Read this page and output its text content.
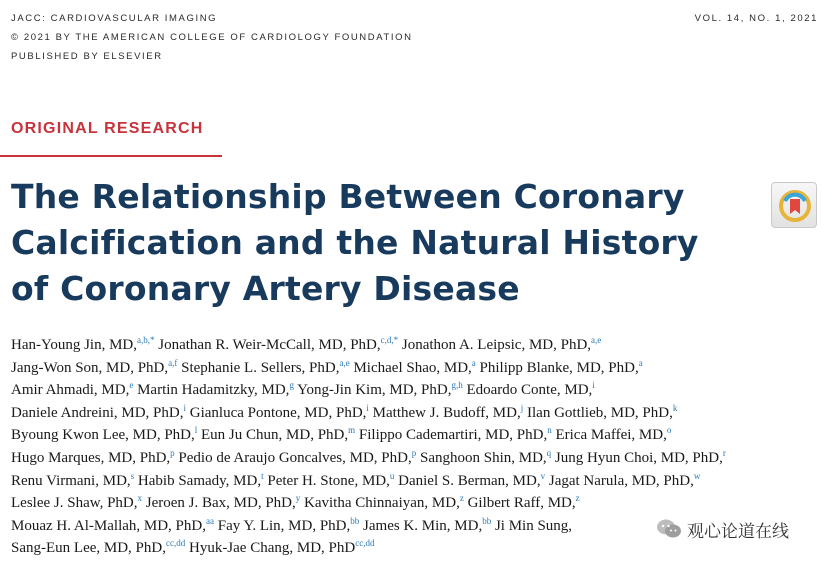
JACC: CARDIOVASCULAR IMAGING
© 2021 BY THE AMERICAN COLLEGE OF CARDIOLOGY FOUNDATION
PUBLISHED BY ELSEVIER
VOL. 14, NO. 1, 2021
ORIGINAL RESEARCH
The Relationship Between Coronary Calcification and the Natural History of Coronary Artery Disease
Han-Young Jin, MD,$^{a,b,*}$ Jonathan R. Weir-McCall, MD, PhD,$^{c,d,*}$ Jonathon A. Leipsic, MD, PhD,$^{a,e}$
Jang-Won Son, MD, PhD,$^{a,f}$ Stephanie L. Sellers, PhD,$^{a,e}$ Michael Shao, MD,$^a$ Philipp Blanke, MD, PhD,$^a$
Amir Ahmadi, MD,$^e$ Martin Hadamitzky, MD,$^g$ Yong-Jin Kim, MD, PhD,$^{g,h}$ Edoardo Conte, MD,$^i$
Daniele Andreini, MD, PhD,$^i$ Gianluca Pontone, MD, PhD,$^i$ Matthew J. Budoff, MD,$^j$ Ilan Gottlieb, MD, PhD,$^k$
Byoung Kwon Lee, MD, PhD,$^l$ Eun Ju Chun, MD, PhD,$^m$ Filippo Cademartiri, MD, PhD,$^n$ Erica Maffei, MD,$^o$
Hugo Marques, MD, PhD,$^p$ Pedio de Araujo Goncalves, MD, PhD,$^p$ Sanghoon Shin, MD,$^q$ Jung Hyun Choi, MD, PhD,$^r$
Renu Virmani, MD,$^s$ Habib Samady, MD,$^t$ Peter H. Stone, MD,$^u$ Daniel S. Berman, MD,$^v$ Jagat Narula, MD, PhD,$^w$
Leslee J. Shaw, PhD,$^x$ Jeroen J. Bax, MD, PhD,$^y$ Kavitha Chinnaiyan, MD,$^z$ Gilbert Raff, MD,$^z$
Mouaz H. Al-Mallah, MD, PhD,$^{aa}$ Fay Y. Lin, MD, PhD,$^{bb}$ James K. Min, MD,$^{bb}$ Ji Min Sung,
Sang-Eun Lee, MD, PhD,$^{cc,dd}$ Hyuk-Jae Chang, MD, PhD$^{cc,dd}$
观心论道在线
